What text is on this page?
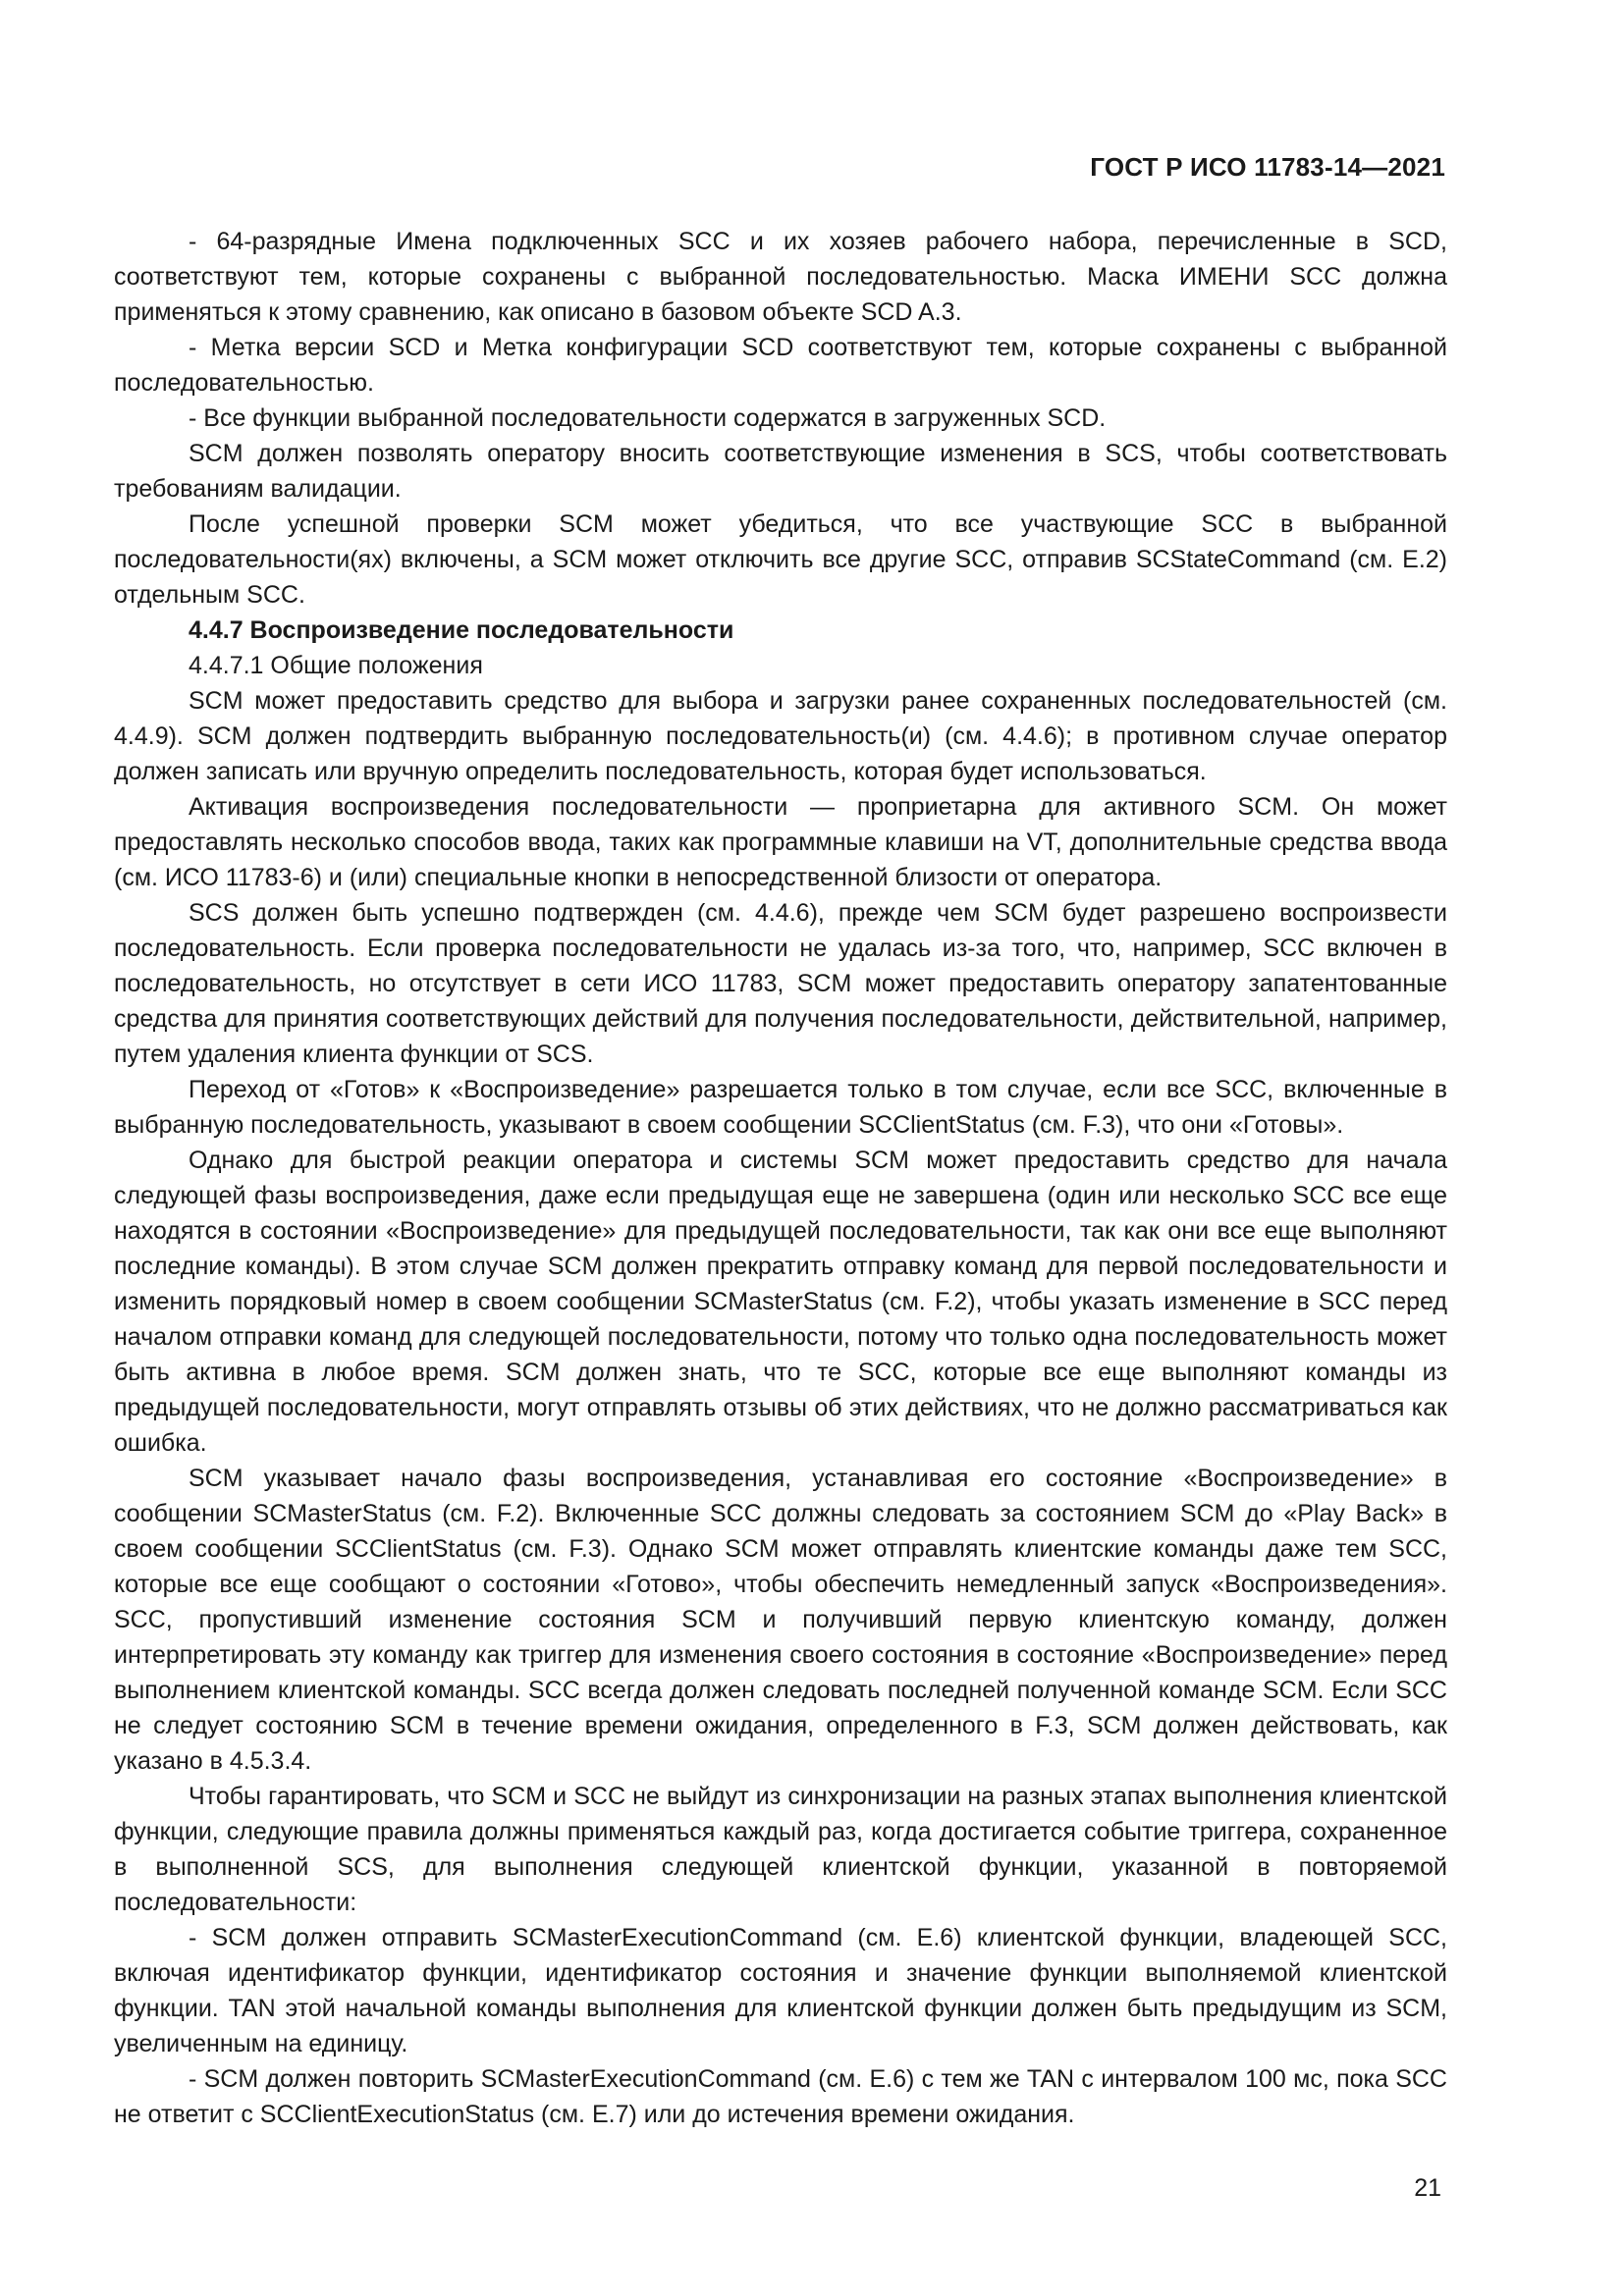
ГОСТ Р ИСО 11783-14—2021

- 64-разрядные Имена подключенных SCC и их хозяев рабочего набора, перечисленные в SCD, соответствуют тем, которые сохранены с выбранной последовательностью. Маска ИМЕНИ SCC должна применяться к этому сравнению, как описано в базовом объекте SCD A.3.

- Метка версии SCD и Метка конфигурации SCD соответствуют тем, которые сохранены с выбранной последовательностью.

- Все функции выбранной последовательности содержатся в загруженных SCD.

SCM должен позволять оператору вносить соответствующие изменения в SCS, чтобы соответствовать требованиям валидации.

После успешной проверки SCM может убедиться, что все участвующие SCC в выбранной последовательности(ях) включены, а SCM может отключить все другие SCC, отправив SCStateCommand (см. E.2) отдельным SCC.

4.4.7 Воспроизведение последовательности

4.4.7.1 Общие положения

SCM может предоставить средство для выбора и загрузки ранее сохраненных последовательностей (см. 4.4.9). SCM должен подтвердить выбранную последовательность(и) (см. 4.4.6); в противном случае оператор должен записать или вручную определить последовательность, которая будет использоваться.

Активация воспроизведения последовательности — проприетарна для активного SCM. Он может предоставлять несколько способов ввода, таких как программные клавиши на VT, дополнительные средства ввода (см. ИСО 11783-6) и (или) специальные кнопки в непосредственной близости от оператора.

SCS должен быть успешно подтвержден (см. 4.4.6), прежде чем SCM будет разрешено воспроизвести последовательность. Если проверка последовательности не удалась из-за того, что, например, SCC включен в последовательность, но отсутствует в сети ИСО 11783, SCM может предоставить оператору запатентованные средства для принятия соответствующих действий для получения последовательности, действительной, например, путем удаления клиента функции от SCS.

Переход от «Готов» к «Воспроизведение» разрешается только в том случае, если все SCC, включенные в выбранную последовательность, указывают в своем сообщении SCClientStatus (см. F.3), что они «Готовы».

Однако для быстрой реакции оператора и системы SCM может предоставить средство для начала следующей фазы воспроизведения, даже если предыдущая еще не завершена (один или несколько SCC все еще находятся в состоянии «Воспроизведение» для предыдущей последовательности, так как они все еще выполняют последние команды). В этом случае SCM должен прекратить отправку команд для первой последовательности и изменить порядковый номер в своем сообщении SCMasterStatus (см. F.2), чтобы указать изменение в SCC перед началом отправки команд для следующей последовательности, потому что только одна последовательность может быть активна в любое время. SCM должен знать, что те SCC, которые все еще выполняют команды из предыдущей последовательности, могут отправлять отзывы об этих действиях, что не должно рассматриваться как ошибка.

SCM указывает начало фазы воспроизведения, устанавливая его состояние «Воспроизведение» в сообщении SCMasterStatus (см. F.2). Включенные SCC должны следовать за состоянием SCM до «Play Back» в своем сообщении SCClientStatus (см. F.3). Однако SCM может отправлять клиентские команды даже тем SCC, которые все еще сообщают о состоянии «Готово», чтобы обеспечить немедленный запуск «Воспроизведения». SCC, пропустивший изменение состояния SCM и получивший первую клиентскую команду, должен интерпретировать эту команду как триггер для изменения своего состояния в состояние «Воспроизведение» перед выполнением клиентской команды. SCC всегда должен следовать последней полученной команде SCM. Если SCC не следует состоянию SCM в течение времени ожидания, определенного в F.3, SCM должен действовать, как указано в 4.5.3.4.

Чтобы гарантировать, что SCM и SCC не выйдут из синхронизации на разных этапах выполнения клиентской функции, следующие правила должны применяться каждый раз, когда достигается событие триггера, сохраненное в выполненной SCS, для выполнения следующей клиентской функции, указанной в повторяемой последовательности:

- SCM должен отправить SCMasterExecutionCommand (см. E.6) клиентской функции, владеющей SCC, включая идентификатор функции, идентификатор состояния и значение функции выполняемой клиентской функции. TAN этой начальной команды выполнения для клиентской функции должен быть предыдущим из SCM, увеличенным на единицу.

- SCM должен повторить SCMasterExecutionCommand (см. E.6) с тем же TAN с интервалом 100 мс, пока SCC не ответит с SCClientExecutionStatus (см. E.7) или до истечения времени ожидания.

21
